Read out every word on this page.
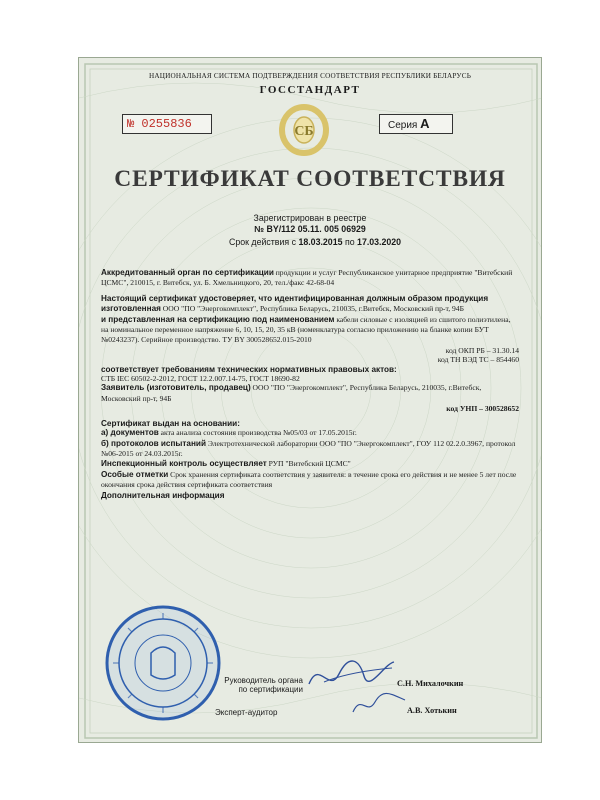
НАЦИОНАЛЬНАЯ СИСТЕМА ПОДТВЕРЖДЕНИЯ СООТВЕТСТВИЯ РЕСПУБЛИКИ БЕЛАРУСЬ
ГОССТАНДАРТ
№ 0255836	СБ	Серия А
СЕРТИФИКАТ СООТВЕТСТВИЯ
Зарегистрирован в реестре
№ BY/112 05.11. 005 06929
Срок действия с 18.03.2015 по 17.03.2020

Аккредитованный орган по сертификации продукции и услуг Республиканское унитарное предприятие "Витебский ЦСМС", 210015, г. Витебск, ул. Б. Хмельницкого, 20, тел./факс 42-68-04

Настоящий сертификат удостоверяет, что идентифицированная должным образом продукция изготовленная ООО "ПО "Энергокомплект", Республика Беларусь, 210035, г.Витебск, Московский пр-т, 94Б

и представленная на сертификацию под наименованием кабели силовые с изоляцией из сшитого полиэтилена, на номинальное переменное напряжение 6, 10, 15, 20, 35 кВ (номенклатура согласно приложению на бланке копии БУТ №0243237). Серийное производство. ТУ BY 300528652.015-2010

код ОКП РБ – 31.30.14

код ТН ВЭД ТС – 854460

соответствует требованиям технических нормативных правовых актов:

СТБ IEC 60502-2-2012, ГОСТ 12.2.007.14-75, ГОСТ 18690-82

Заявитель (изготовитель, продавец) ООО "ПО "Энергокомплект", Республика Беларусь, 210035, г.Витебск, Московский пр-т, 94Б

код УНП – 300528652

Сертификат выдан на основании:

а) документов акта анализа состояния производства №05/03 от 17.05.2015г.

б) протоколов испытаний Электротехнической лаборатории ООО "ПО "Энергокомплект", ГОУ 112 02.2.0.3967, протокол №06-2015 от 24.03.2015г.

Инспекционный контроль осуществляет РУП "Витебский ЦСМС"

Особые отметки Срок хранения сертификата соответствия у заявителя: в течение срока его действия и не менее 5 лет после окончания срока действия сертификата соответствия

Дополнительная информация

Руководитель органа
по сертификации
С.Н. Михалочкин
Эксперт-аудитор	А.В. Хотькин
